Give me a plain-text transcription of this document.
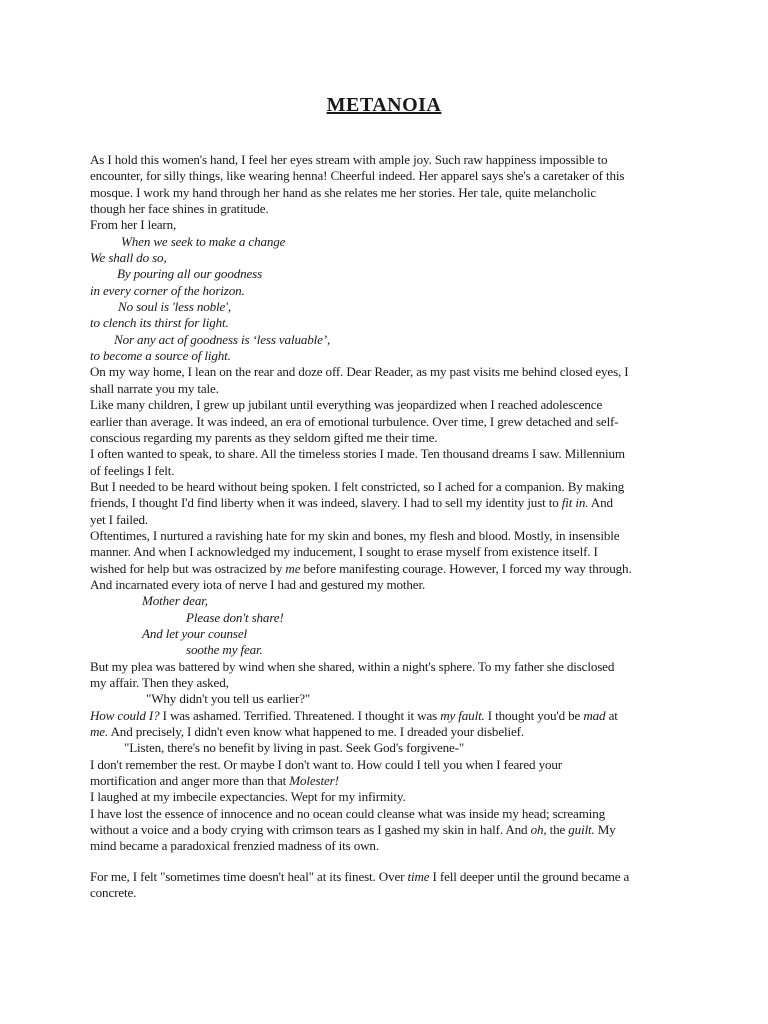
METANOIA
As I hold this women's hand, I feel her eyes stream with ample joy. Such raw happiness impossible to
encounter, for silly things, like wearing henna! Cheerful indeed. Her apparel says she's a caretaker of this
mosque. I work my hand through her hand as she relates me her stories. Her tale, quite melancholic
though her face shines in gratitude.
From her I learn,
When we seek to make a change
We shall do so,
By pouring all our goodness
in every corner of the horizon.
No soul is 'less noble',
to clench its thirst for light.
Nor any act of goodness is ‘less valuable’,
to become a source of light.
On my way home, I lean on the rear and doze off. Dear Reader, as my past visits me behind closed eyes, I
shall narrate you my tale.
Like many children, I grew up jubilant until everything was jeopardized when I reached adolescence
earlier than average. It was indeed, an era of emotional turbulence. Over time, I grew detached and self-
conscious regarding my parents as they seldom gifted me their time.
I often wanted to speak, to share. All the timeless stories I made. Ten thousand dreams I saw. Millennium
of feelings I felt.
But I needed to be heard without being spoken. I felt constricted, so I ached for a companion. By making
friends, I thought I'd find liberty when it was indeed, slavery. I had to sell my identity just to fit in. And
yet I failed.
Oftentimes, I nurtured a ravishing hate for my skin and bones, my flesh and blood. Mostly, in insensible
manner. And when I acknowledged my inducement, I sought to erase myself from existence itself. I
wished for help but was ostracized by me before manifesting courage. However, I forced my way through.
And incarnated every iota of nerve I had and gestured my mother.
Mother dear,
Please don't share!
And let your counsel
soothe my fear.
But my plea was battered by wind when she shared, within a night's sphere. To my father she disclosed
my affair. Then they asked,
"Why didn't you tell us earlier?"
How could I? I was ashamed. Terrified. Threatened. I thought it was my fault. I thought you'd be mad at
me. And precisely, I didn't even know what happened to me. I dreaded your disbelief.
"Listen, there's no benefit by living in past. Seek God's forgivene-"
I don't remember the rest. Or maybe I don't want to. How could I tell you when I feared your
mortification and anger more than that Molester!
I laughed at my imbecile expectancies. Wept for my infirmity.
I have lost the essence of innocence and no ocean could cleanse what was inside my head; screaming
without a voice and a body crying with crimson tears as I gashed my skin in half. And oh, the guilt. My
mind became a paradoxical frenzied madness of its own.
For me, I felt "sometimes time doesn't heal" at its finest. Over time I fell deeper until the ground became a
concrete.
